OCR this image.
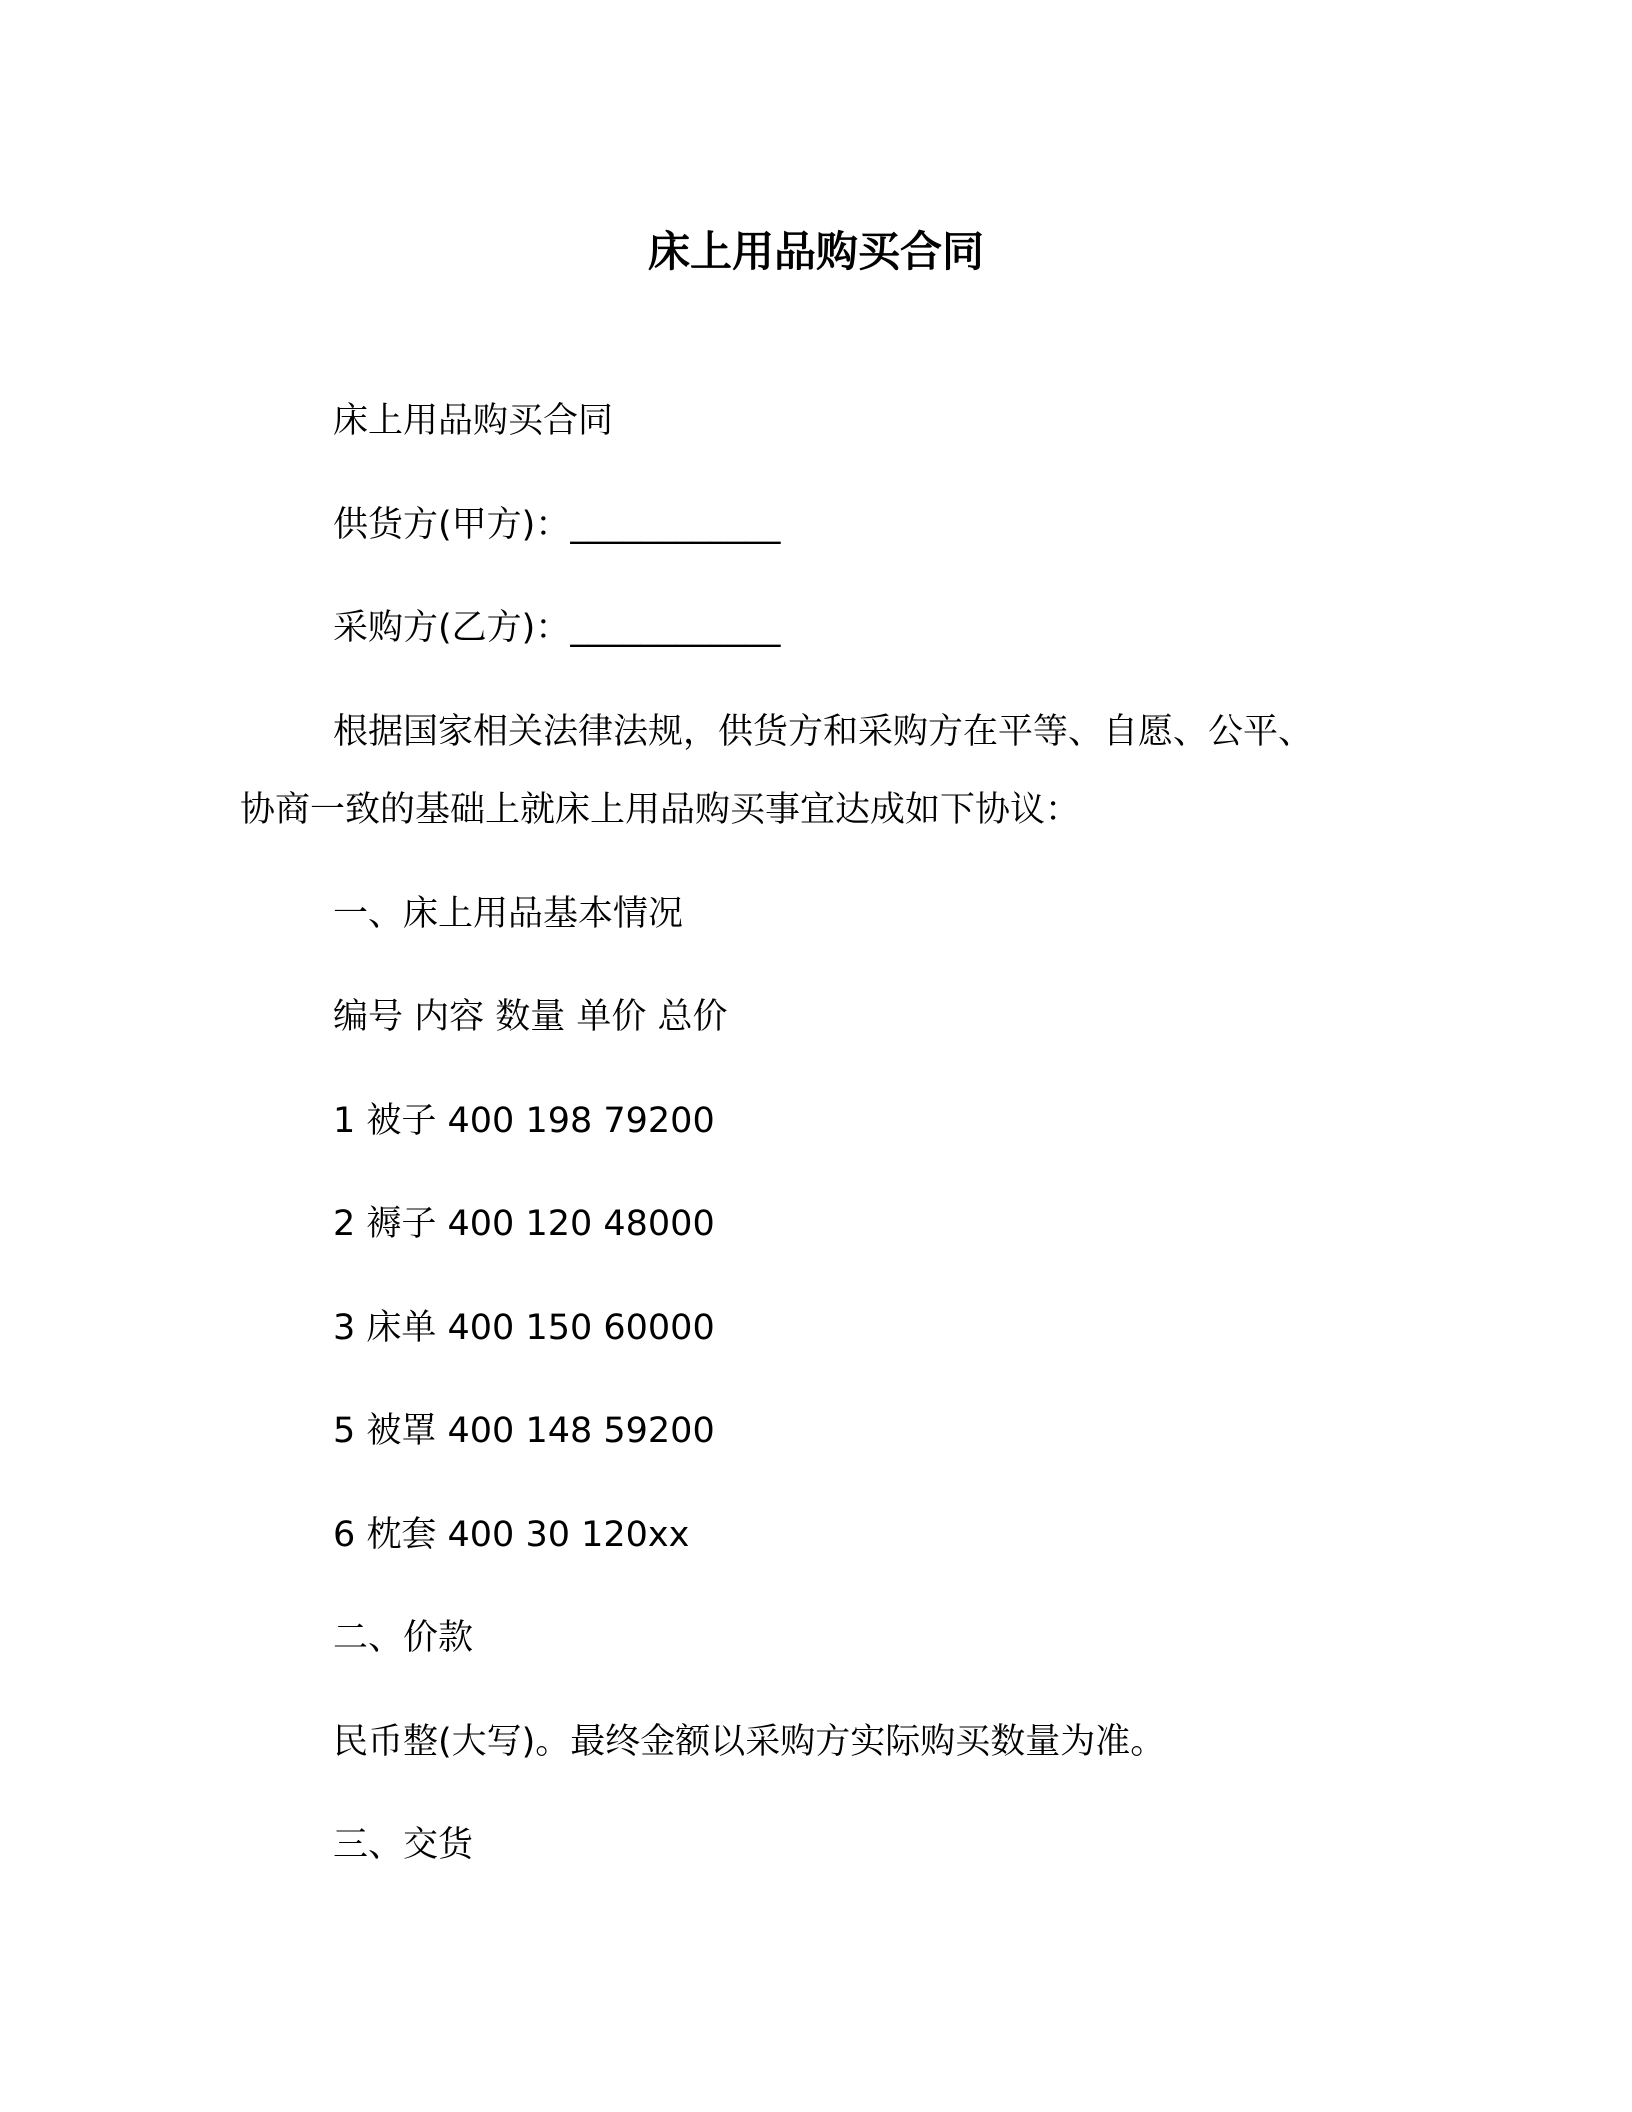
床上用品购买合同
床上用品购买合同
供货方(甲方)：____________
采购方(乙方)：____________
根据国家相关法律法规，供货方和采购方在平等、自愿、公平、
协商一致的基础上就床上用品购买事宜达成如下协议：
一、床上用品基本情况
编号 内容 数量 单价 总价
1 被子 400 198 79200
2 褥子 400 120 48000
3 床单 400 150 60000
5 被罩 400 148 59200
6 枕套 400 30 120xx
二、价款
民币整(大写)。最终金额以采购方实际购买数量为准。
三、交货
